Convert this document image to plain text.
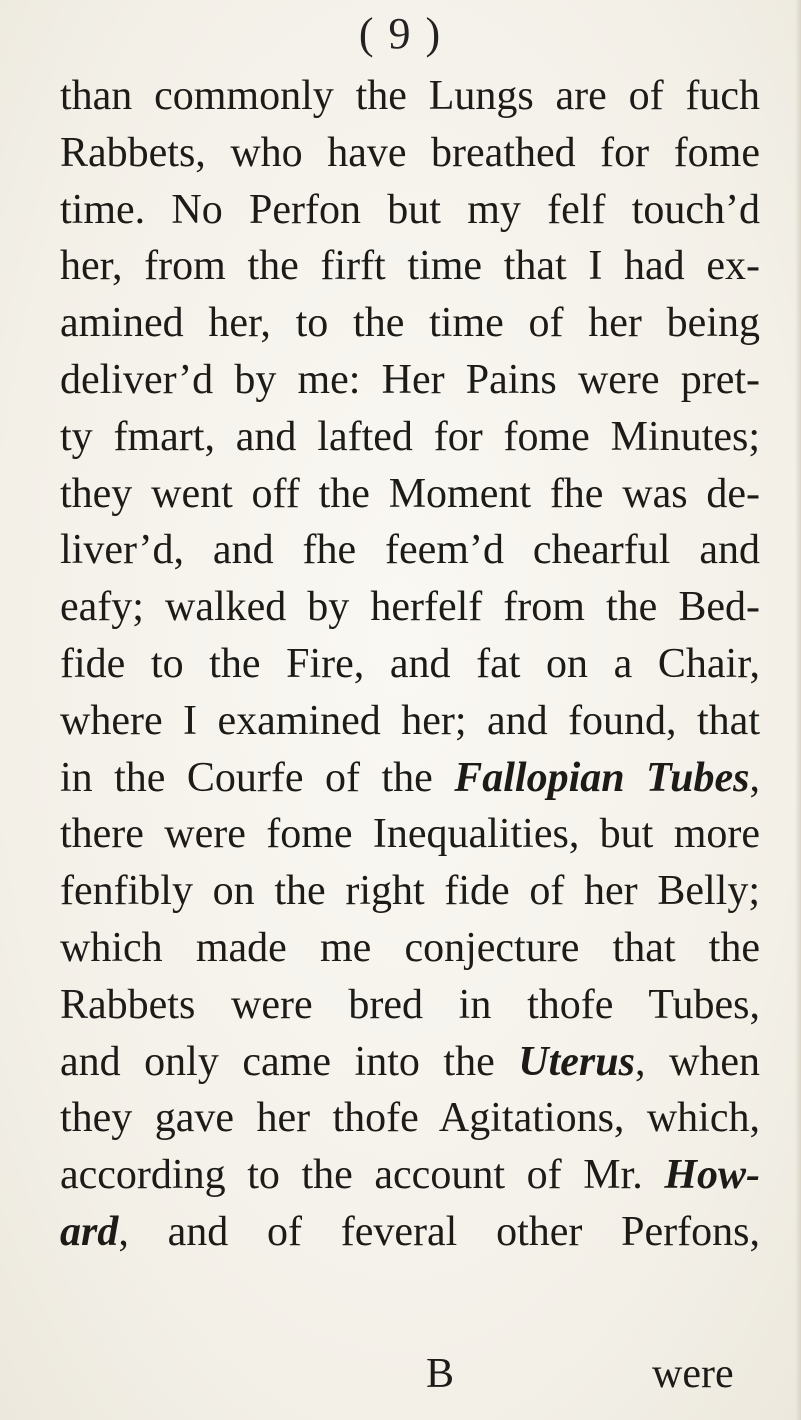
( 9 )
than commonly the Lungs are of fuch
Rabbets, who have breathed for fome
time. No Perfon but my felf touch’d
her, from the firft time that I had ex-
amined her, to the time of her being
deliver’d by me: Her Pains were pret-
ty fmart, and lafted for fome Minutes;
they went off the Moment fhe was de-
liver’d, and fhe feem’d chearful and
eafy; walked by herfelf from the Bed-
fide to the Fire, and fat on a Chair,
where I examined her; and found, that
in the Courfe of the Fallopian Tubes,
there were fome Inequalities, but more
fenfibly on the right fide of her Belly;
which made me conjecture that the
Rabbets were bred in thofe Tubes,
and only came into the Uterus, when
they gave her thofe Agitations, which,
according to the account of Mr. How-
ard, and of feveral other Perfons,
B	were
